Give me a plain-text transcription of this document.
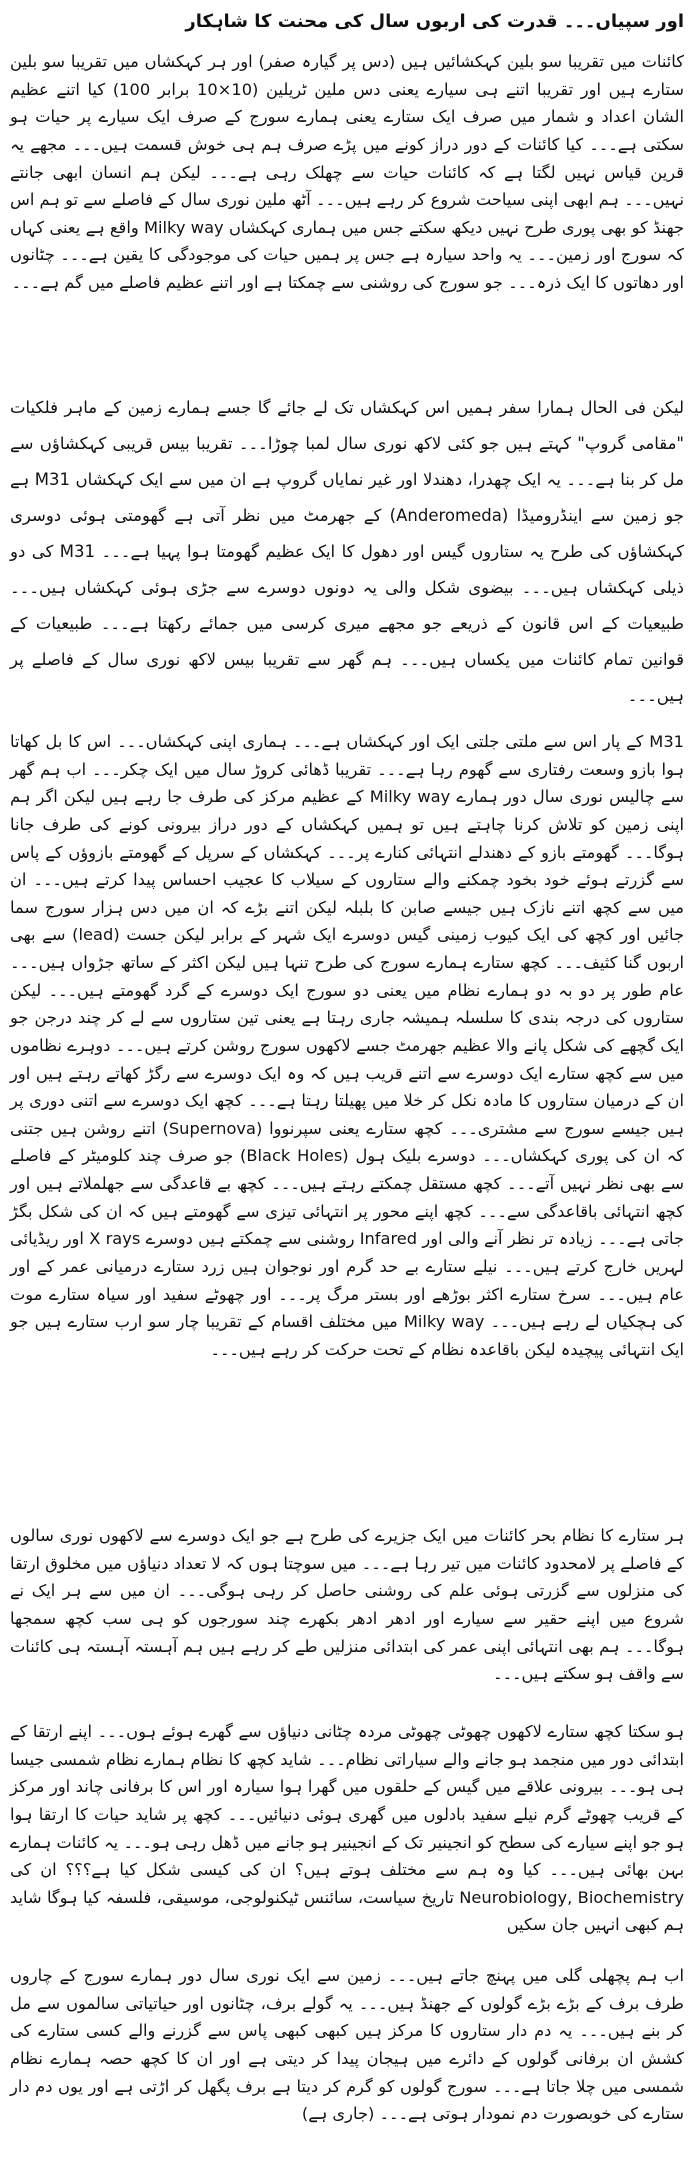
اور سپیاں۔۔۔ قدرت کی اربوں سال کی محنت کا شاہکار

کائنات میں تقریبا سو بلین کہکشائیں ہیں (دس پر گیارہ صفر) اور ہر کہکشاں میں تقریبا سو بلین ستارے ہیں اور تقریبا اتنے ہی سیارے یعنی دس ملین ٹریلین (10×10 برابر 100) کیا اتنے عظیم الشان اعداد و شمار میں صرف ایک ستارے یعنی ہمارے سورج کے صرف ایک سیارے پر حیات ہو سکتی ہے۔۔۔ کیا کائنات کے دور دراز کونے میں پڑے صرف ہم ہی خوش قسمت ہیں۔۔۔ مجھے یہ قرین قیاس نہیں لگتا ہے کہ کائنات حیات سے چھلک رہی ہے۔۔۔ لیکن ہم انسان ابھی جانتے نہیں۔۔۔ ہم ابھی اپنی سیاحت شروع کر رہے ہیں۔۔۔ آٹھ ملین نوری سال کے فاصلے سے تو ہم اس جھنڈ کو بھی پوری طرح نہیں دیکھ سکتے جس میں ہماری کہکشاں Milky way واقع ہے یعنی کہاں کہ سورج اور زمین۔۔۔ یہ واحد سیارہ ہے جس پر ہمیں حیات کی موجودگی کا یقین ہے۔۔۔ چٹانوں اور دھاتوں کا ایک ذرہ۔۔۔ جو سورج کی روشنی سے چمکتا ہے اور اتنے عظیم فاصلے میں گم ہے۔۔۔

لیکن فی الحال ہمارا سفر ہمیں اس کہکشاں تک لے جائے گا جسے ہمارے زمین کے ماہر فلکیات "مقامی گروپ" کہتے ہیں جو کئی لاکھ نوری سال لمبا چوڑا۔۔۔ تقریبا بیس قریبی کہکشاؤں سے مل کر بنا ہے۔۔۔ یہ ایک چھدرا، دھندلا اور غیر نمایاں گروپ ہے ان میں سے ایک کہکشاں M31 ہے جو زمین سے اینڈرومیڈا (Anderomeda) کے جھرمٹ میں نظر آتی ہے گھومتی ہوئی دوسری کہکشاؤں کی طرح یہ ستاروں گیس اور دھول کا ایک عظیم گھومتا ہوا پہیا ہے۔۔۔ M31 کی دو ذیلی کہکشاں ہیں۔۔۔ بیضوی شکل والی یہ دونوں دوسرے سے جڑی ہوئی کہکشاں ہیں۔۔۔ طبیعیات کے اس قانون کے ذریعے جو مجھے میری کرسی میں جمائے رکھتا ہے۔۔۔ طبیعیات کے قوانین تمام کائنات میں یکساں ہیں۔۔۔ ہم گھر سے تقریبا بیس لاکھ نوری سال کے فاصلے پر ہیں۔۔۔

M31 کے پار اس سے ملتی جلتی ایک اور کہکشاں ہے۔۔۔ ہماری اپنی کہکشاں۔۔۔ اس کا بل کھاتا ہوا بازو وسعت رفتاری سے گھوم رہا ہے۔۔۔ تقریبا ڈھائی کروڑ سال میں ایک چکر۔۔۔ اب ہم گھر سے چالیس نوری سال دور ہمارے Milky way کے عظیم مرکز کی طرف جا رہے ہیں لیکن اگر ہم اپنی زمین کو تلاش کرنا چاہتے ہیں تو ہمیں کہکشاں کے دور دراز بیرونی کونے کی طرف جانا ہوگا۔۔۔ گھومتے بازو کے دھندلے انتہائی کنارے پر۔۔۔ کہکشاں کے سرپل کے گھومتے بازوؤں کے پاس سے گزرتے ہوئے خود بخود چمکنے والے ستاروں کے سیلاب کا عجیب احساس پیدا کرتے ہیں۔۔۔ ان میں سے کچھ اتنے نازک ہیں جیسے صابن کا بلبلہ لیکن اتنے بڑے کہ ان میں دس ہزار سورج سما جائیں اور کچھ کی ایک کیوب زمینی گیس دوسرے ایک شہر کے برابر لیکن جست (lead) سے بھی اربوں گنا کثیف۔۔۔ کچھ ستارے ہمارے سورج کی طرح تنہا ہیں لیکن اکثر کے ساتھ جڑواں ہیں۔۔۔ عام طور پر دو بہ دو ہمارے نظام میں یعنی دو سورج ایک دوسرے کے گرد گھومتے ہیں۔۔۔ لیکن ستاروں کی درجہ بندی کا سلسلہ ہمیشہ جاری رہتا ہے یعنی تین ستاروں سے لے کر چند درجن جو ایک گچھے کی شکل پانے والا عظیم جھرمٹ جسے لاکھوں سورج روشن کرتے ہیں۔۔۔ دوہرے نظاموں میں سے کچھ ستارے ایک دوسرے سے اتنے قریب ہیں کہ وہ ایک دوسرے سے رگڑ کھاتے رہتے ہیں اور ان کے درمیان ستاروں کا مادہ نکل کر خلا میں پھیلتا رہتا ہے۔۔۔ کچھ ایک دوسرے سے اتنی دوری پر ہیں جیسے سورج سے مشتری۔۔۔ کچھ ستارے یعنی سپرنووا (Supernova) اتنے روشن ہیں جتنی کہ ان کی پوری کہکشاں۔۔۔ دوسرے بلیک ہول (Black Holes) جو صرف چند کلومیٹر کے فاصلے سے بھی نظر نہیں آتے۔۔۔ کچھ مستقل چمکتے رہتے ہیں۔۔۔ کچھ بے قاعدگی سے جھلملاتے ہیں اور کچھ انتہائی باقاعدگی سے۔۔۔ کچھ اپنے محور پر انتہائی تیزی سے گھومتے ہیں کہ ان کی شکل بگڑ جاتی ہے۔۔۔ زیادہ تر نظر آنے والی اور Infared روشنی سے چمکتے ہیں دوسرے X rays اور ریڈیائی لہریں خارج کرتے ہیں۔۔۔ نیلے ستارے بے حد گرم اور نوجوان ہیں زرد ستارے درمیانی عمر کے اور عام ہیں۔۔۔ سرخ ستارے اکثر بوڑھے اور بستر مرگ پر۔۔۔ اور چھوٹے سفید اور سیاہ ستارے موت کی ہچکیاں لے رہے ہیں۔۔۔ Milky way میں مختلف اقسام کے تقریبا چار سو ارب ستارے ہیں جو ایک انتہائی پیچیدہ لیکن باقاعدہ نظام کے تحت حرکت کر رہے ہیں۔۔۔

ہر ستارے کا نظام بحر کائنات میں ایک جزیرے کی طرح ہے جو ایک دوسرے سے لاکھوں نوری سالوں کے فاصلے پر لامحدود کائنات میں تیر رہا ہے۔۔۔ میں سوچتا ہوں کہ لا تعداد دنیاؤں میں مخلوق ارتقا کی منزلوں سے گزرتی ہوئی علم کی روشنی حاصل کر رہی ہوگی۔۔۔ ان میں سے ہر ایک نے شروع میں اپنے حقیر سے سیارے اور ادھر ادھر بکھرے چند سورجوں کو ہی سب کچھ سمجھا ہوگا۔۔۔ ہم بھی انتہائی اپنی عمر کی ابتدائی منزلیں طے کر رہے ہیں ہم آہستہ آہستہ ہی کائنات سے واقف ہو سکتے ہیں۔۔۔

ہو سکتا کچھ ستارے لاکھوں چھوٹی چھوٹی مردہ چٹانی دنیاؤں سے گھرے ہوئے ہوں۔۔۔ اپنے ارتقا کے ابتدائی دور میں منجمد ہو جانے والے سیاراتی نظام۔۔۔ شاید کچھ کا نظام ہمارے نظام شمسی جیسا ہی ہو۔۔۔ بیرونی علاقے میں گیس کے حلقوں میں گھرا ہوا سیارہ اور اس کا برفانی چاند اور مرکز کے قریب چھوٹے گرم نیلے سفید بادلوں میں گھری ہوئی دنیائیں۔۔۔ کچھ پر شاید حیات کا ارتقا ہوا ہو جو اپنے سیارے کی سطح کو انجینیر تک کے انجینیر ہو جانے میں ڈھل رہی ہو۔۔۔ یہ کائنات ہمارے بہن بھائی ہیں۔۔۔ کیا وہ ہم سے مختلف ہوتے ہیں؟ ان کی کیسی شکل کیا ہے؟؟؟ ان کی Neurobiology, Biochemistry تاریخ سیاست، سائنس ٹیکنولوجی، موسیقی، فلسفہ کیا ہوگا شاید ہم کبھی انہیں جان سکیں

اب ہم پچھلی گلی میں پہنچ جاتے ہیں۔۔۔ زمین سے ایک نوری سال دور ہمارے سورج کے چاروں طرف برف کے بڑے بڑے گولوں کے جھنڈ ہیں۔۔۔ یہ گولے برف، چٹانوں اور حیاتیاتی سالموں سے مل کر بنے ہیں۔۔۔ یہ دم دار ستاروں کا مرکز ہیں کبھی کبھی پاس سے گزرنے والے کسی ستارے کی کشش ان برفانی گولوں کے دائرے میں ہیجان پیدا کر دیتی ہے اور ان کا کچھ حصہ ہمارے نظام شمسی میں چلا جاتا ہے۔۔۔ سورج گولوں کو گرم کر دیتا ہے برف پگھل کر اڑتی ہے اور یوں دم دار ستارے کی خوبصورت دم نمودار ہوتی ہے۔۔۔ (جاری ہے)
